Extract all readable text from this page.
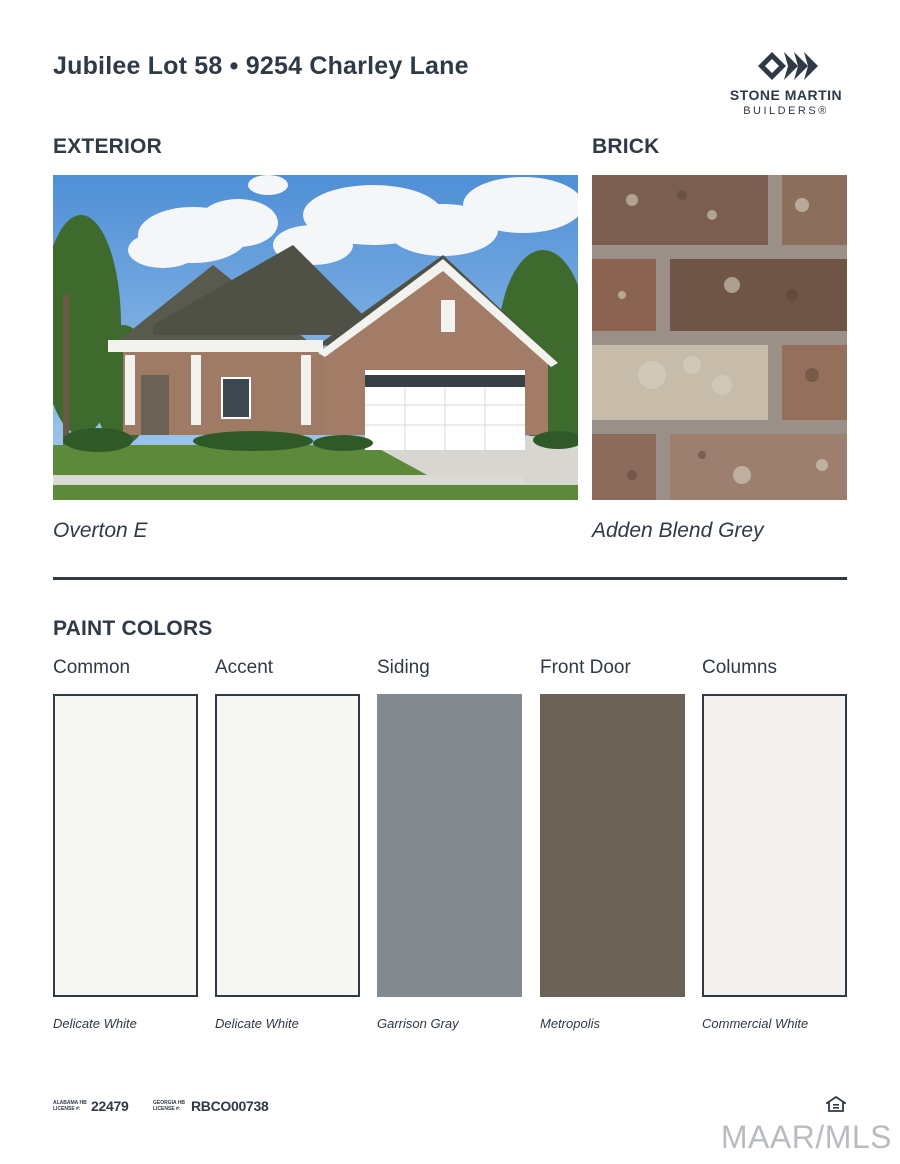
Jubilee Lot 58 • 9254 Charley Lane
STONE MARTIN
BUILDERS®
EXTERIOR
Overton E
BRICK
Adden Blend Grey
PAINT COLORS
Common	Accent	Siding	Front Door	Columns
Delicate White	Delicate White	Garrison Gray	Metropolis	Commercial White
ALABAMA HB LICENSE #: 22479	GEORGIA HB LICENSE #: RBCO00738
MAAR/MLS
